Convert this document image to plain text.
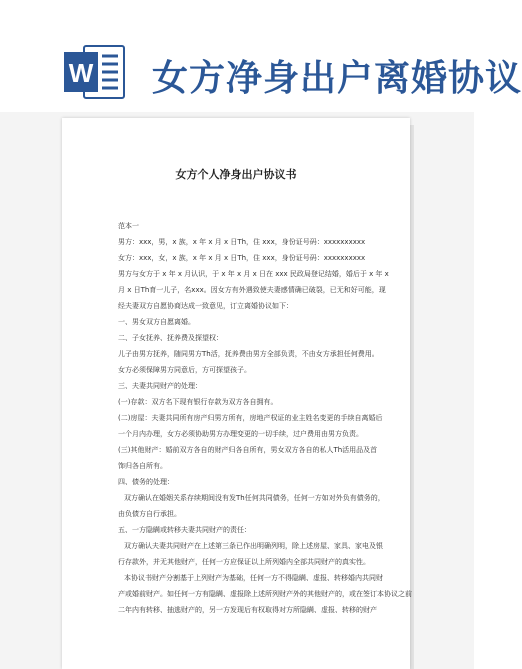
W 女方净身出户离婚协议
女方个人净身出户协议书
范本一
男方：xxx，男，x 族，x 年 x 月 x 日Th，住 xxx，身份证号码：xxxxxxxxxx
女方：xxx，女，x 族，x 年 x 月 x 日Th，住 xxx，身份证号码：xxxxxxxxxx
男方与女方于 x 年 x 月认识，于 x 年 x 月 x 日在 xxx 民政局登记结婚，婚后于 x 年 x
月 x 日Th育一儿子，名xxx。因女方有外遇致使夫妻感情确已破裂，已无和好可能，现
经夫妻双方自愿协商达成一致意见，订立离婚协议如下：
一、男女双方自愿离婚。
二、子女抚养、抚养费及探望权：
儿子由男方抚养，随同男方Th活，抚养费由男方全部负责，不由女方承担任何费用。
女方必须保障男方同意后，方可探望孩子。
三、夫妻共同财产的处理：
(一)存款：双方名下现有银行存款为双方各自拥有。
(二)房屋：夫妻共同所有房产归男方所有，房地产权证的业主姓名变更的手续自离婚后
一个月内办理，女方必须协助男方办理变更的一切手续，过户费用由男方负责。
(三)其他财产：婚前双方各自的财产归各自所有，男女双方各自的私人Th活用品及首
饰归各自所有。
四、债务的处理：
双方确认在婚姻关系存续期间没有发Th任何共同债务，任何一方如对外负有债务的，
由负债方自行承担。
五、一方隐瞒或转移夫妻共同财产的责任：
双方确认夫妻共同财产在上述第三条已作出明确列明，除上述房屋、家具、家电及银
行存款外，并无其他财产，任何一方应保证以上所列婚内全部共同财产的真实性。
本协议书财产分割基于上列财产为基础，任何一方不得隐瞒、虚报、转移婚内共同财
产或婚前财产。如任何一方有隐瞒、虚报除上述所列财产外的其他财产的，或在签订本协议之前
二年内有转移、抽逃财产的，另一方发现后有权取得对方所隐瞒、虚报、转移的财产
